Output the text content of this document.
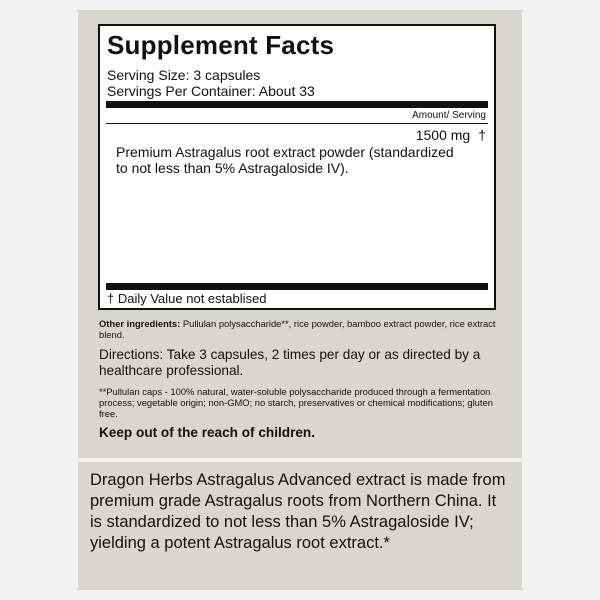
Supplement Facts
Serving Size: 3 capsules
Servings Per Container: About 33
Amount/ Serving
1500 mg †
Premium Astragalus root extract powder (standardized to not less than 5% Astragaloside IV).
† Daily Value not establised
Other ingredients: Pullulan polysaccharide**, rice powder, bamboo extract powder, rice extract blend.
Directions: Take 3 capsules, 2 times per day or as directed by a healthcare professional.
**Pullulan caps - 100% natural, water-soluble polysaccharide produced through a fermentation process; vegetable origin; non-GMO; no starch, preservatives or chemical modifications; gluten free.
Keep out of the reach of children.
Dragon Herbs Astragalus Advanced extract is made from premium grade Astragalus roots from Northern China. It is standardized to not less than 5% Astragaloside IV; yielding a potent Astragalus root extract.*
